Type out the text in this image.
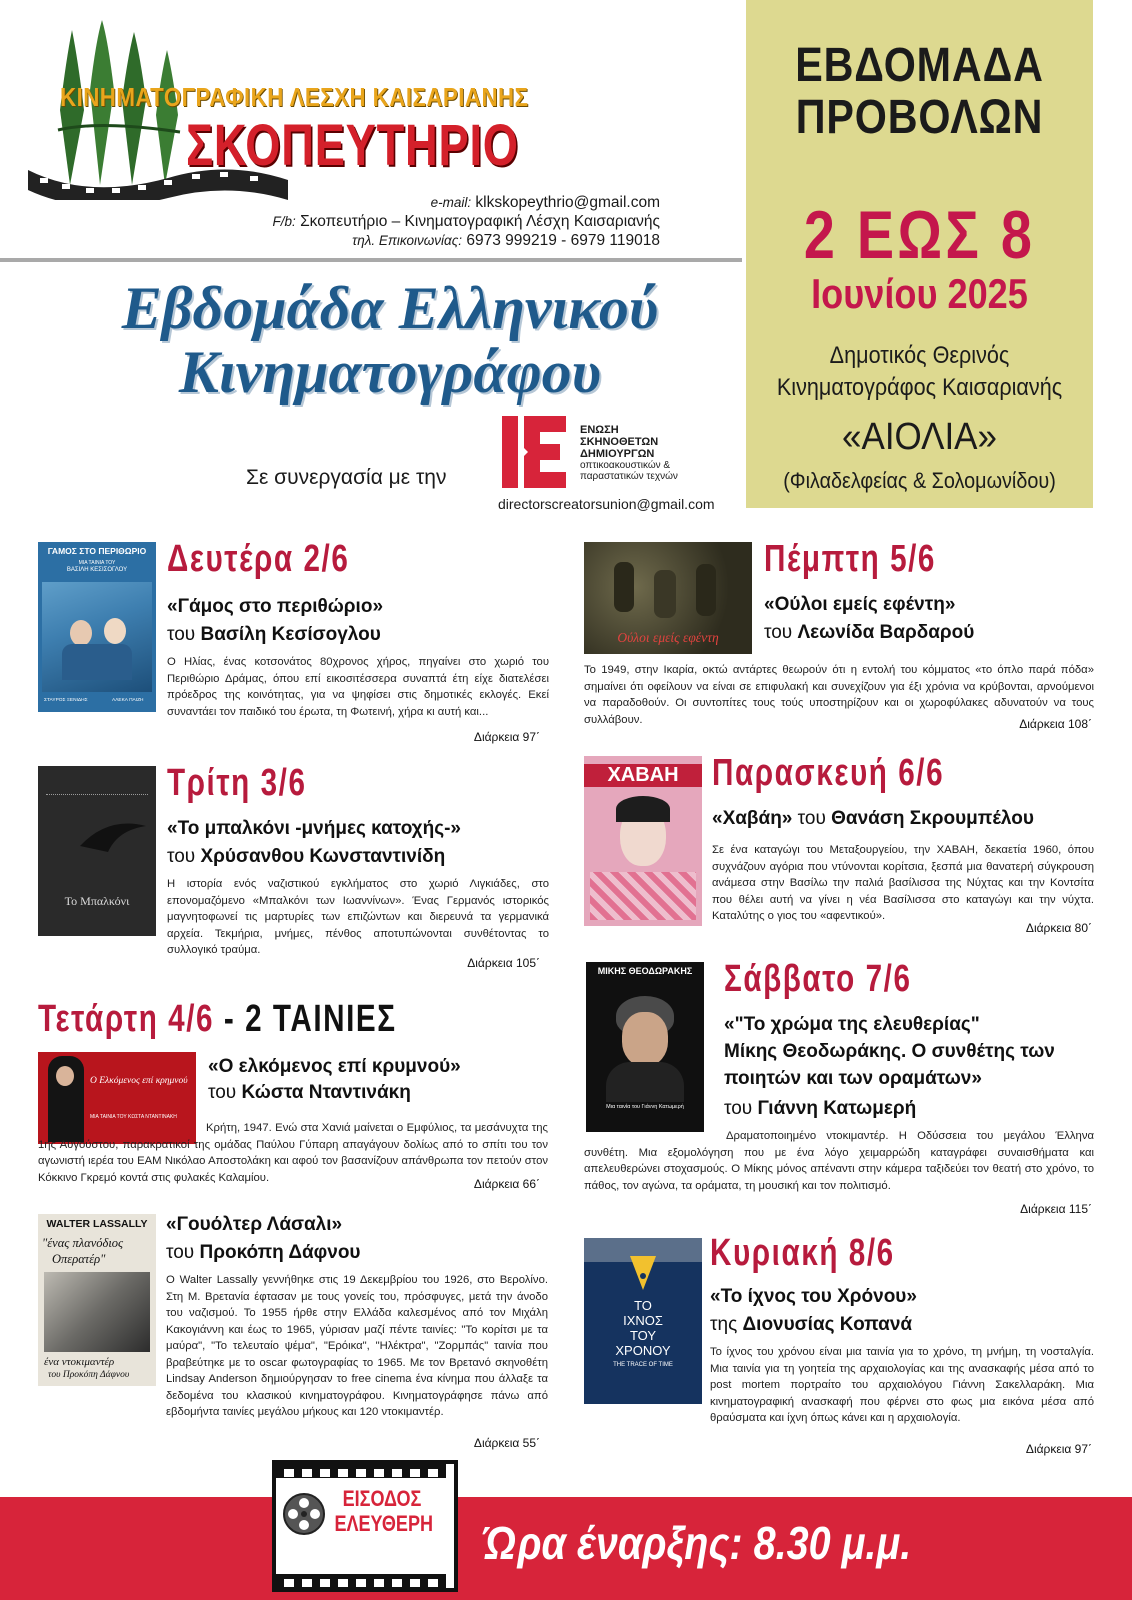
ΚΙΝΗΜΑΤΟΓΡΑΦΙΚΗ ΛΕΣΧΗ ΚΑΙΣΑΡΙΑΝΗΣ
ΣΚΟΠΕΥΤΗΡΙΟ
e-mail: klkskopeythrio@gmail.com
F/b: Σκοπευτήριο – Κινηματογραφική Λέσχη Καισαριανής
τηλ. Επικοινωνίας: 6973 999219 - 6979 119018
ΕΒΔΟΜΑΔΑ
ΠΡΟΒΟΛΩΝ
2 ΕΩΣ 8
Ιουνίου 2025
Δημοτικός Θερινός
Κινηματογράφος Καισαριανής
«ΑΙΟΛΙΑ»
(Φιλαδελφείας & Σολομωνίδου)
Εβδομάδα Ελληνικού
Κινηματογράφου
Σε συνεργασία με την
ΕΝΩΣΗ
ΣΚΗΝΟΘΕΤΩΝ
ΔΗΜΙΟΥΡΓΩΝ
οπτικοακουστικών &
παραστατικών τεχνών
directorscreatorsunion@gmail.com
ΓΑΜΟΣ ΣΤΟ ΠΕΡΙΘΩΡΙΟ
ΜΙΑ ΤΑΙΝΙΑ ΤΟΥ
ΒΑΣΙΛΗ ΚΕΣΙΣΟΓΛΟΥ
ΣΤΑΥΡΟΣ ΞΕΝΙΔΗΣ	ΑΛΕΚΑ ΠΑΙΖΗ
Δευτέρα 2/6
«Γάμος στο περιθώριο»
του Βασίλη Κεσίσογλου
Ο Ηλίας, ένας κοτσονάτος 80χρονος χήρος, πηγαίνει στο χωριό του Περιθώριο Δράμας, όπου επί εικοσιτέσσερα συναπτά έτη είχε διατελέσει πρόεδρος της κοινότητας, για να ψηφίσει στις δημοτικές εκλογές. Εκεί συναντάει τον παιδικό του έρωτα, τη Φωτεινή, χήρα κι αυτή και...
Διάρκεια 97΄
Το Μπαλκόνι
Τρίτη 3/6
«Το μπαλκόνι -μνήμες κατοχής-»
του Χρύσανθου Κωνσταντινίδη
Η ιστορία ενός ναζιστικού εγκλήματος στο χωριό Λιγκιάδες, στο επονομαζόμενο «Μπαλκόνι των Ιωαννίνων». Ένας Γερμανός ιστορικός μαγνητοφωνεί τις μαρτυρίες των επιζώντων και διερευνά τα γερμανικά αρχεία. Τεκμήρια, μνήμες, πένθος αποτυπώνονται συνθέτοντας το συλλογικό τραύμα.
Διάρκεια 105΄
Τετάρτη 4/6 - 2 ΤΑΙΝΙΕΣ
Ο Ελκόμενος επί κρημνού
ΜΙΑ ΤΑΙΝΙΑ ΤΟΥ ΚΩΣΤΑ ΝΤΑΝΤΙΝΑΚΗ
«Ο ελκόμενος επί κρυμνού»
του Κώστα Νταντινάκη
Κρήτη, 1947. Ενώ στα Χανιά μαίνεται ο Εμφύλιος, τα μεσάνυχτα της 1ης Αυγούστου, παρακρατικοί της ομάδας Παύλου Γύπαρη απαγάγουν δολίως από το σπίτι του τον αγωνιστή ιερέα του ΕΑΜ Νικόλαο Αποστολάκη και αφού τον βασανίζουν απάνθρωπα τον πετούν στον Κόκκινο Γκρεμό κοντά στις φυλακές Καλαμίου.	Διάρκεια 66΄
WALTER LASSALLY
"ένας πλανόδιος
Οπερατέρ"
ένα ντοκιμαντέρ
του Προκόπη Δάφνου
«Γουόλτερ Λάσαλι»
του Προκόπη Δάφνου
Ο Walter Lassally γεννήθηκε στις 19 Δεκεμβρίου του 1926, στο Βερολίνο. Στη Μ. Βρετανία έφτασαν με τους γονείς του, πρόσφυγες, μετά την άνοδο του ναζισμού. Το 1955 ήρθε στην Ελλάδα καλεσμένος από τον Μιχάλη Κακογιάννη και έως το 1965, γύρισαν μαζί πέντε ταινίες: "Το κορίτσι με τα μαύρα", "Το τελευταίο ψέμα", "Ερόικα", "Ηλέκτρα", "Ζορμπάς" ταινία που βραβεύτηκε με το oscar φωτογραφίας το 1965. Με τον Βρετανό σκηνοθέτη Lindsay Anderson δημιούργησαν το free cinema ένα κίνημα που άλλαξε τα δεδομένα του κλασικού κινηματογράφου. Κινηματογράφησε πάνω από εβδομήντα ταινίες μεγάλου μήκους και 120 ντοκιμαντέρ.
Διάρκεια 55΄
Ούλοι εμείς εφέντη
Πέμπτη 5/6
«Ούλοι εμείς εφέντη»
του Λεωνίδα Βαρδαρού
Το 1949, στην Ικαρία, οκτώ αντάρτες θεωρούν ότι η εντολή του κόμματος «το όπλο παρά πόδα» σημαίνει ότι οφείλουν να είναι σε επιφυλακή και συνεχίζουν για έξι χρόνια να κρύβονται, αρνούμενοι να παραδοθούν. Οι συντοπίτες τους τούς υποστηρίζουν και οι χωροφύλακες αδυνατούν να τους συλλάβουν.	Διάρκεια 108΄
ΧΑΒΑΗ Παρασκευή 6/6
«Χαβάη» του Θανάση Σκρουμπέλου
Σε ένα καταγώγι του Μεταξουργείου, την ΧΑΒΑΗ, δεκαετία 1960, όπου συχνάζουν αγόρια που ντύνονται κορίτσια, ξεσπά μια θανατερή σύγκρουση ανάμεσα στην Βασίλω την παλιά βασίλισσα της Νύχτας και την Κοντσίτα που θέλει αυτή να γίνει η νέα Βασίλισσα στο καταγώγι και την νύχτα. Καταλύτης ο γιος του «αφεντικού».
Διάρκεια 80΄
ΜΙΚΗΣ ΘΕΟΔΩΡΑΚΗΣ
Μια ταινία του Γιάννη Κατωμερή
Σάββατο 7/6
«"Το χρώμα της ελευθερίας"
Μίκης Θεοδωράκης. Ο συνθέτης των
ποιητών και των οραμάτων»
του Γιάννη Κατωμερή
Δραματοποιημένο ντοκιμαντέρ. Η Οδύσσεια του μεγάλου Έλληνα συνθέτη. Μια εξομολόγηση που με ένα λόγο χειμαρρώδη καταγράφει συναισθήματα και απελευθερώνει στοχασμούς. Ο Μίκης μόνος απέναντι στην κάμερα ταξιδεύει τον θεατή στο χρόνο, το πάθος, τον αγώνα, τα οράματα, τη μουσική και τον πολιτισμό.
Διάρκεια 115΄
ΤΟ
ΙΧΝΟΣ
ΤΟΥ
ΧΡΟΝΟΥ
THE TRACE OF TIME
Κυριακή 8/6
«Το ίχνος του Χρόνου»
της Διονυσίας Κοπανά
Το ίχνος του χρόνου είναι μια ταινία για το χρόνο, τη μνήμη, τη νοσταλγία. Μια ταινία για τη γοητεία της αρχαιολογίας και της ανασκαφής μέσα από το post mortem πορτραίτο του αρχαιολόγου Γιάννη Σακελλαράκη. Μια κινηματογραφική ανασκαφή που φέρνει στο φως μια εικόνα μέσα από θραύσματα και ίχνη όπως κάνει και η αρχαιολογία.
Διάρκεια 97΄
ΕΙΣΟΔΟΣ
ΕΛΕΥΘΕΡΗ Ώρα έναρξης: 8.30 μ.μ.
